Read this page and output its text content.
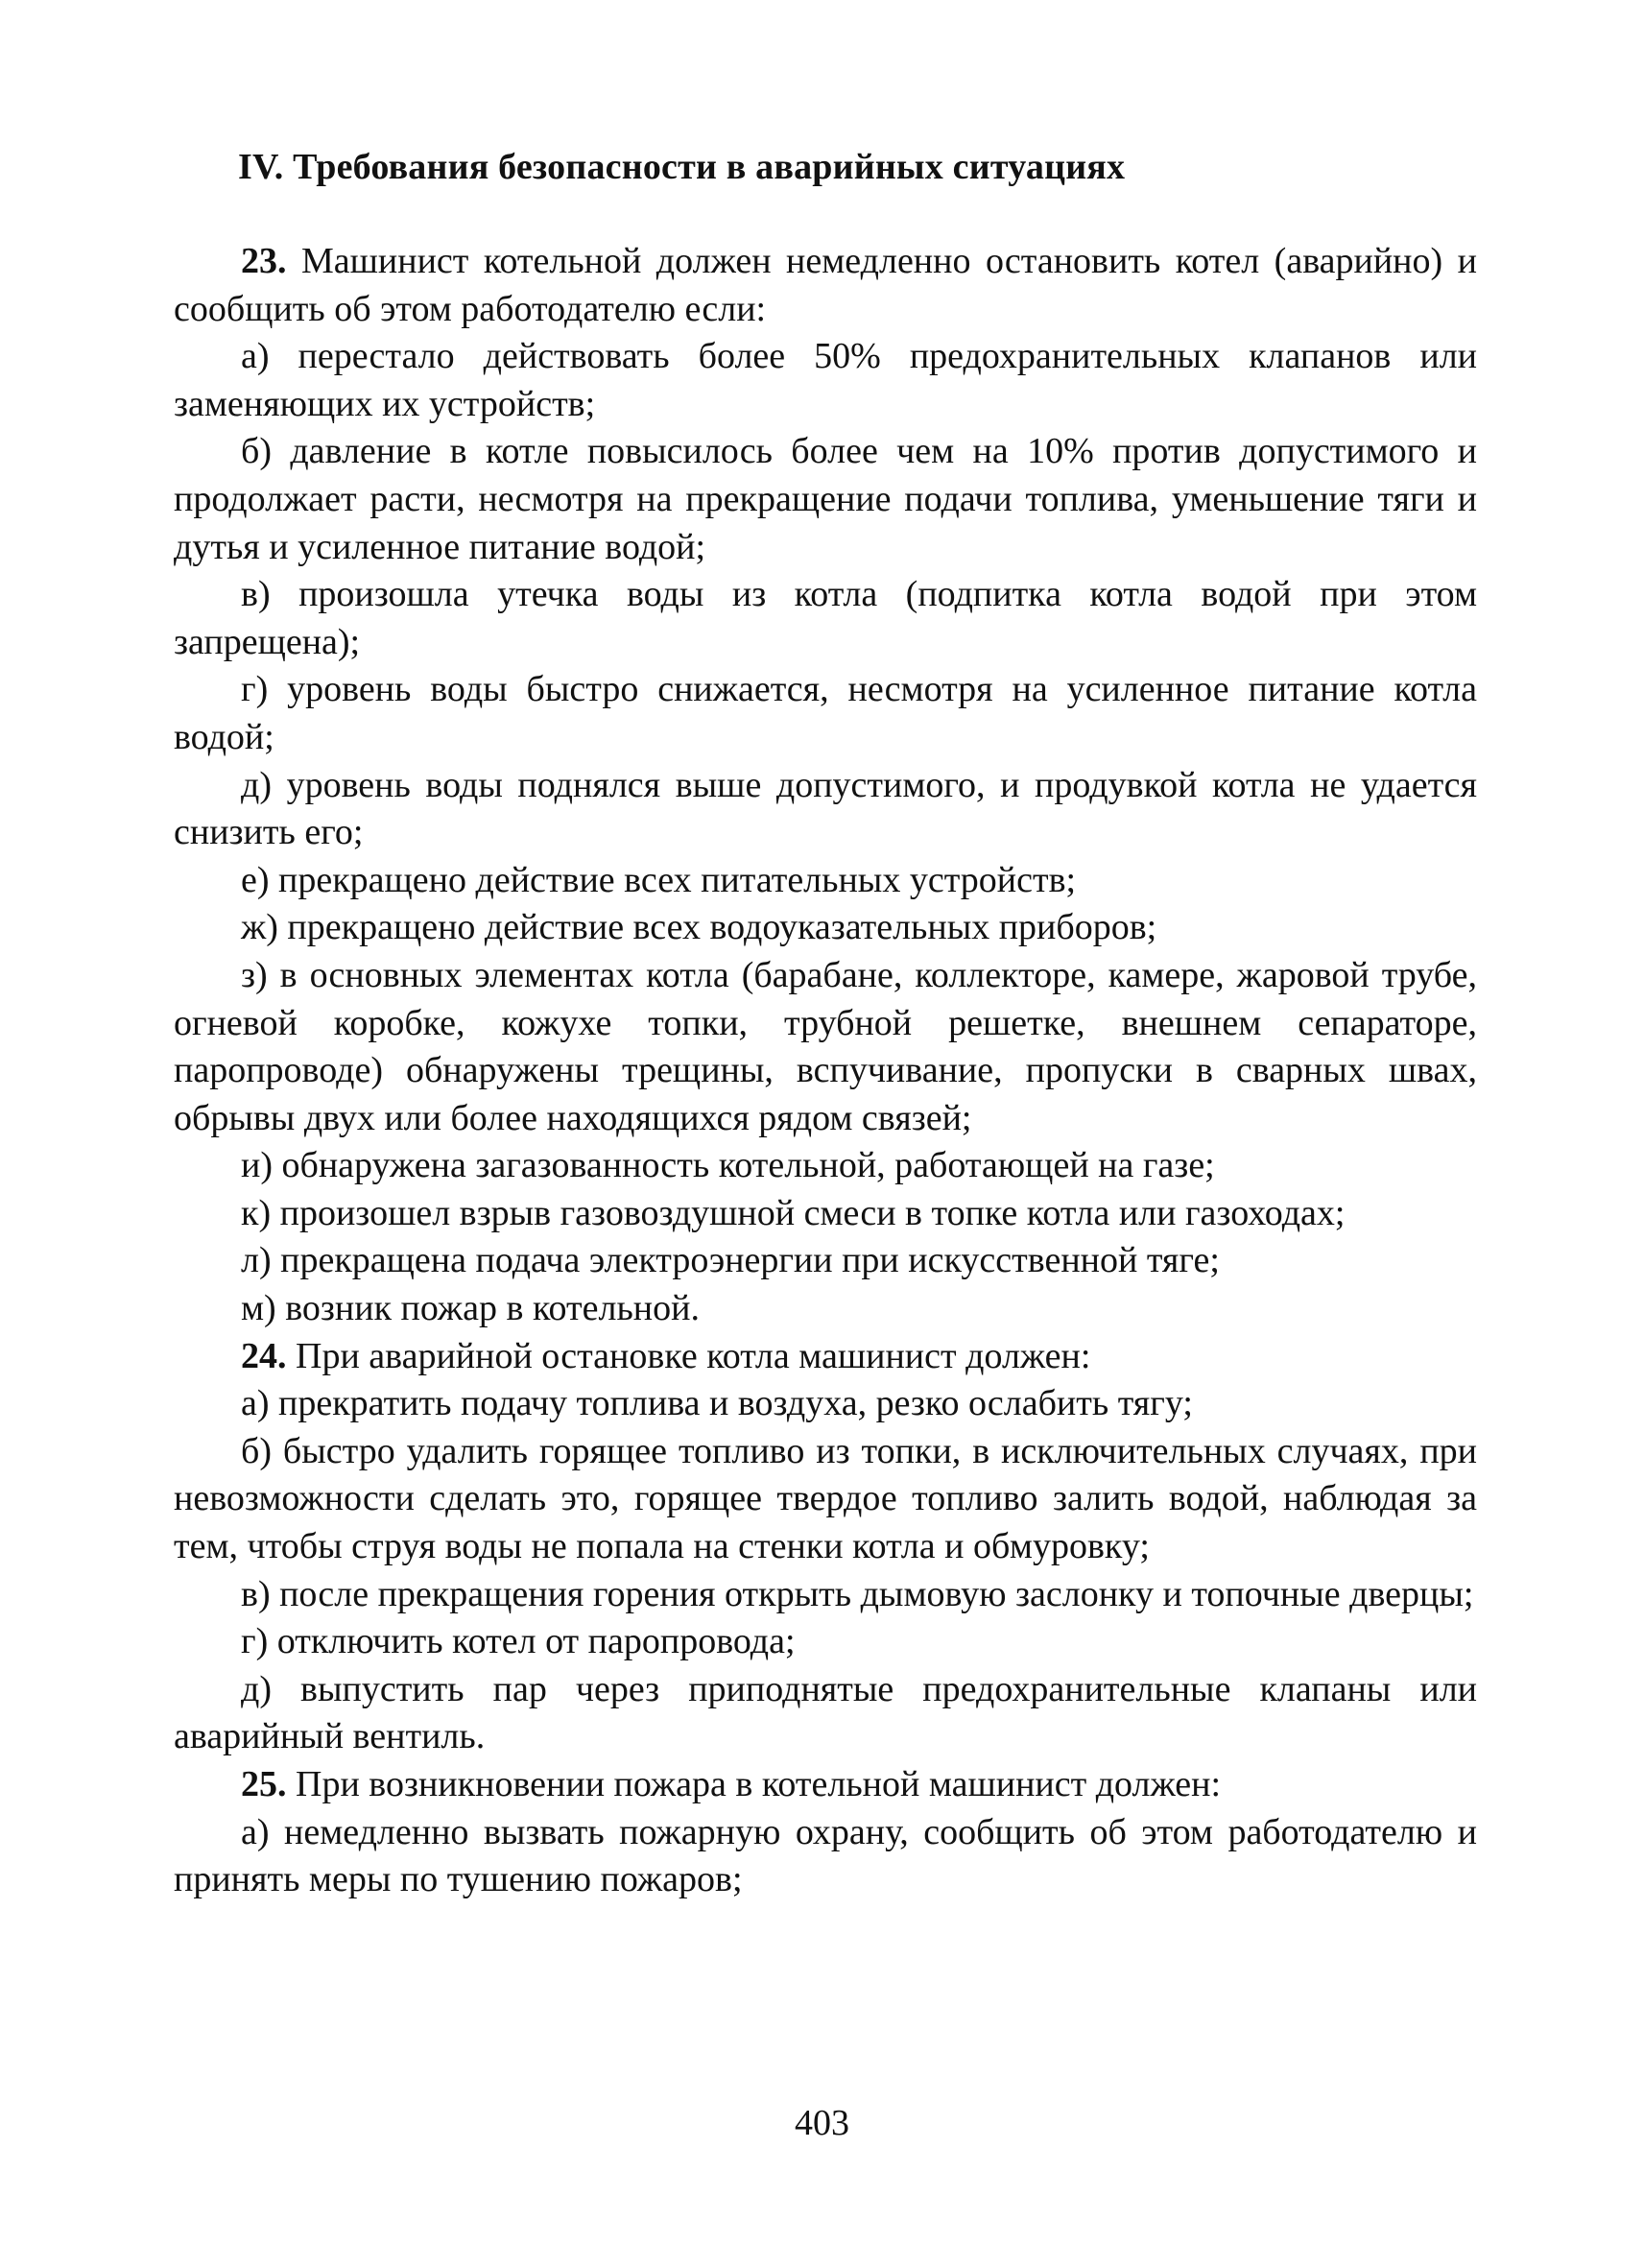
IV. Требования безопасности в аварийных ситуациях

23. Машинист котельной должен немедленно остановить котел (аварийно) и сообщить об этом работодателю если:

а) перестало действовать более 50% предохранительных клапанов или заменяющих их устройств;

б) давление в котле повысилось более чем на 10% против допустимого и продолжает расти, несмотря на прекращение подачи топлива, уменьшение тяги и дутья и усиленное питание водой;

в) произошла утечка воды из котла (подпитка котла водой при этом запрещена);

г) уровень воды быстро снижается, несмотря на усиленное питание котла водой;

д) уровень воды поднялся выше допустимого, и продувкой котла не удается снизить его;

е) прекращено действие всех питательных устройств;

ж) прекращено действие всех водоуказательных приборов;

з) в основных элементах котла (барабане, коллекторе, камере, жаровой трубе, огневой коробке, кожухе топки, трубной решетке, внешнем сепараторе, паропроводе) обнаружены трещины, вспучивание, пропуски в сварных швах, обрывы двух или более находящихся рядом связей;

и) обнаружена загазованность котельной, работающей на газе;

к) произошел взрыв газовоздушной смеси в топке котла или газоходах;

л) прекращена подача электроэнергии при искусственной тяге;

м) возник пожар в котельной.

24. При аварийной остановке котла машинист должен:

а) прекратить подачу топлива и воздуха, резко ослабить тягу;

б) быстро удалить горящее топливо из топки, в исключительных случаях, при невозможности сделать это, горящее твердое топливо залить водой, наблюдая за тем, чтобы струя воды не попала на стенки котла и обмуровку;

в) после прекращения горения открыть дымовую заслонку и топочные дверцы;

г) отключить котел от паропровода;

д) выпустить пар через приподнятые предохранительные клапаны или аварийный вентиль.

25. При возникновении пожара в котельной машинист должен:

а) немедленно вызвать пожарную охрану, сообщить об этом работодателю и принять меры по тушению пожаров;

403
